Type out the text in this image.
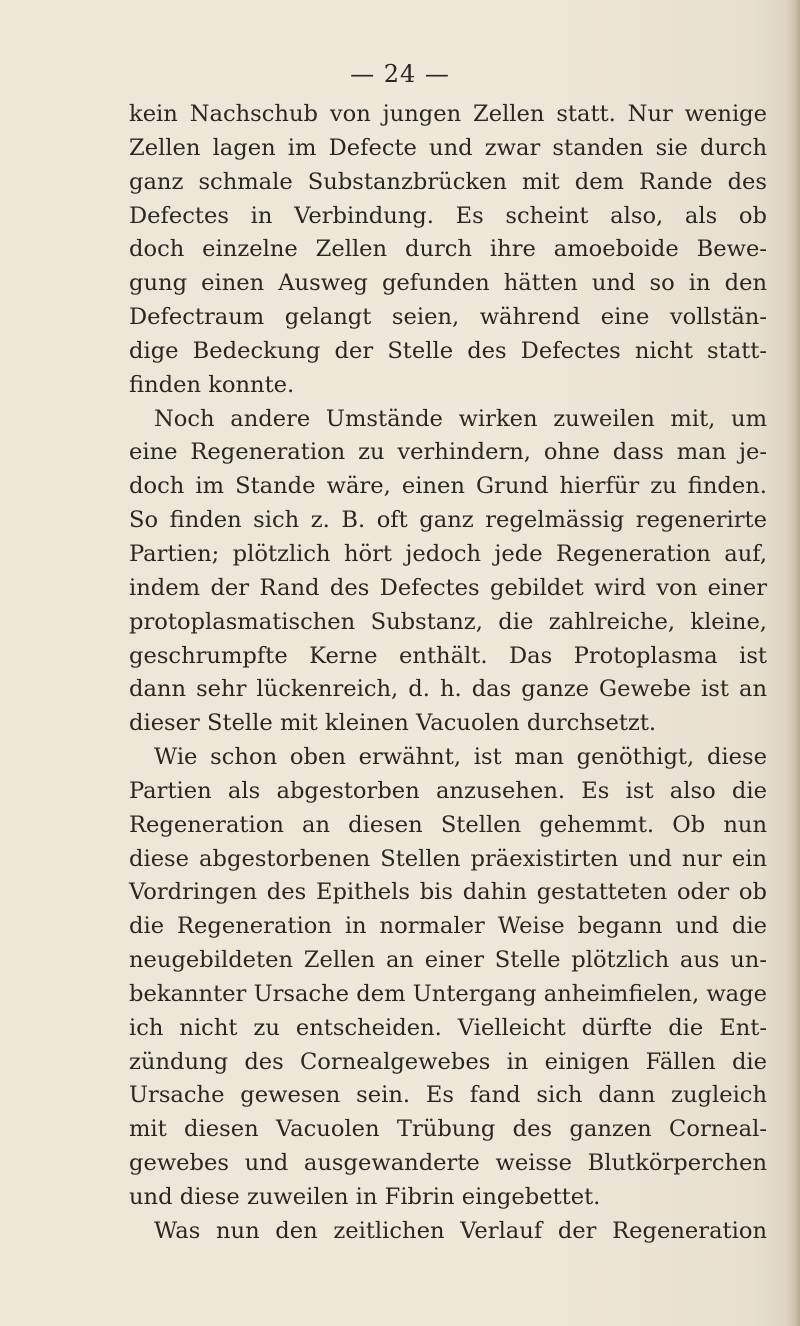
— 24 —
kein Nachschub von jungen Zellen statt. Nur wenige
Zellen lagen im Defecte und zwar standen sie durch
ganz schmale Substanzbrücken mit dem Rande des
Defectes in Verbindung. Es scheint also, als ob
doch einzelne Zellen durch ihre amoeboide Bewe-
gung einen Ausweg gefunden hätten und so in den
Defectraum gelangt seien, während eine vollstän-
dige Bedeckung der Stelle des Defectes nicht statt-
finden konnte.
Noch andere Umstände wirken zuweilen mit, um
eine Regeneration zu verhindern, ohne dass man je-
doch im Stande wäre, einen Grund hierfür zu finden.
So finden sich z. B. oft ganz regelmässig regenerirte
Partien; plötzlich hört jedoch jede Regeneration auf,
indem der Rand des Defectes gebildet wird von einer
protoplasmatischen Substanz, die zahlreiche, kleine,
geschrumpfte Kerne enthält. Das Protoplasma ist
dann sehr lückenreich, d. h. das ganze Gewebe ist an
dieser Stelle mit kleinen Vacuolen durchsetzt.
Wie schon oben erwähnt, ist man genöthigt, diese
Partien als abgestorben anzusehen. Es ist also die
Regeneration an diesen Stellen gehemmt. Ob nun
diese abgestorbenen Stellen präexistirten und nur ein
Vordringen des Epithels bis dahin gestatteten oder ob
die Regeneration in normaler Weise begann und die
neugebildeten Zellen an einer Stelle plötzlich aus un-
bekannter Ursache dem Untergang anheimfielen, wage
ich nicht zu entscheiden. Vielleicht dürfte die Ent-
zündung des Cornealgewebes in einigen Fällen die
Ursache gewesen sein. Es fand sich dann zugleich
mit diesen Vacuolen Trübung des ganzen Corneal-
gewebes und ausgewanderte weisse Blutkörperchen
und diese zuweilen in Fibrin eingebettet.
Was nun den zeitlichen Verlauf der Regeneration
